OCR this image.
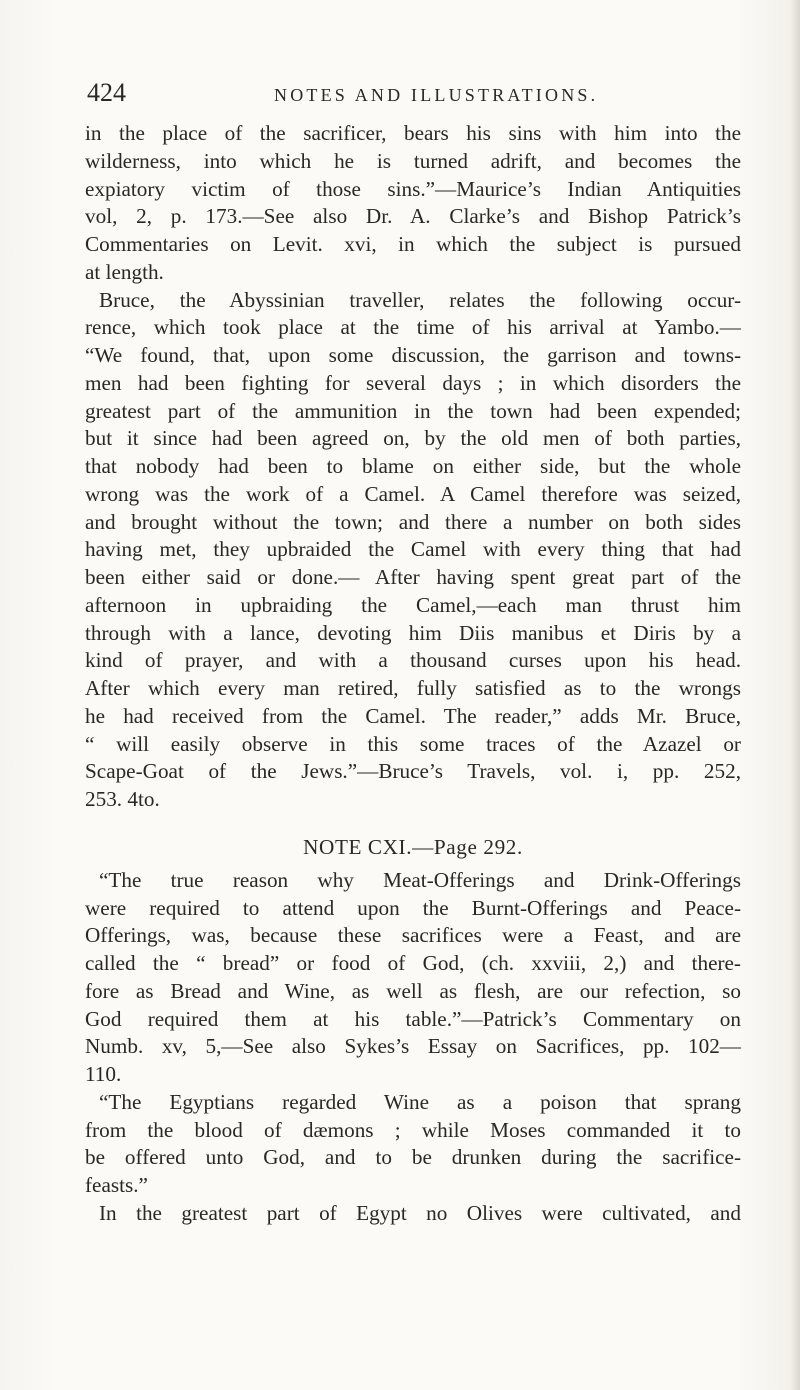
424	NOTES AND ILLUSTRATIONS.
in the place of the sacrificer, bears his sins with him into the
wilderness, into which he is turned adrift, and becomes the
expiatory victim of those sins.”—Maurice’s Indian Antiquities
vol, 2, p. 173.—See also Dr. A. Clarke’s and Bishop Patrick’s
Commentaries on Levit. xvi, in which the subject is pursued
at length.
Bruce, the Abyssinian traveller, relates the following occur-
rence, which took place at the time of his arrival at Yambo.—
“We found, that, upon some discussion, the garrison and towns-
men had been fighting for several days ; in which disorders the
greatest part of the ammunition in the town had been expended;
but it since had been agreed on, by the old men of both parties,
that nobody had been to blame on either side, but the whole
wrong was the work of a Camel. A Camel therefore was seized,
and brought without the town; and there a number on both sides
having met, they upbraided the Camel with every thing that had
been either said or done.— After having spent great part of the
afternoon in upbraiding the Camel,—each man thrust him
through with a lance, devoting him Diis manibus et Diris by a
kind of prayer, and with a thousand curses upon his head.
After which every man retired, fully satisfied as to the wrongs
he had received from the Camel. The reader,” adds Mr. Bruce,
“ will easily observe in this some traces of the Azazel or
Scape-Goat of the Jews.”—Bruce’s Travels, vol. i, pp. 252,
253. 4to.
NOTE CXI.—Page 292.
“The true reason why Meat-Offerings and Drink-Offerings
were required to attend upon the Burnt-Offerings and Peace-
Offerings, was, because these sacrifices were a Feast, and are
called the “ bread” or food of God, (ch. xxviii, 2,) and there-
fore as Bread and Wine, as well as flesh, are our refection, so
God required them at his table.”—Patrick’s Commentary on
Numb. xv, 5,—See also Sykes’s Essay on Sacrifices, pp. 102—
110.
“The Egyptians regarded Wine as a poison that sprang
from the blood of dæmons ; while Moses commanded it to
be offered unto God, and to be drunken during the sacrifice-
feasts.”
In the greatest part of Egypt no Olives were cultivated, and
